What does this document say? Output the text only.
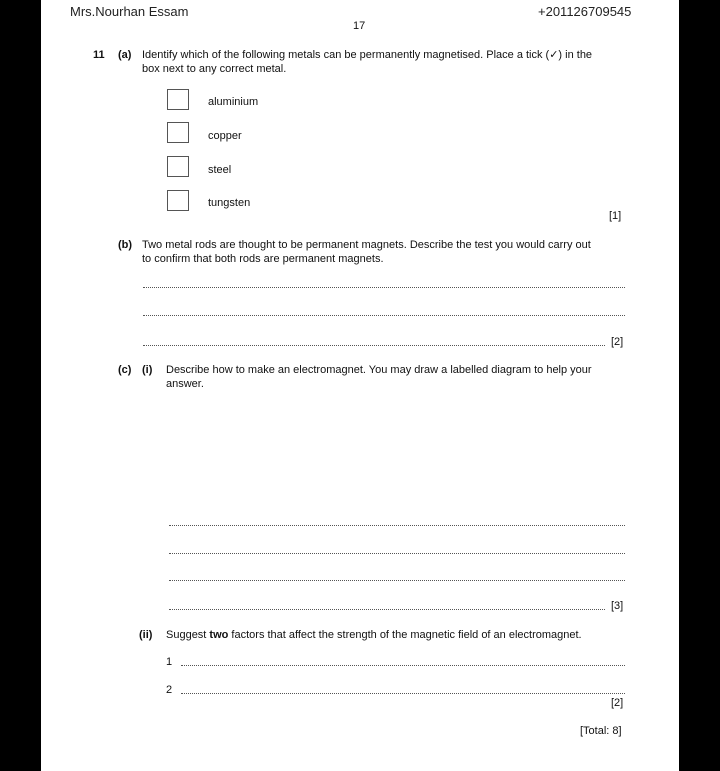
Mrs.Nourhan Essam	+201126709545
17
11 (a) Identify which of the following metals can be permanently magnetised. Place a tick (✓) in the
box next to any correct metal.
aluminium
copper
steel
tungsten
[1]
(b) Two metal rods are thought to be permanent magnets. Describe the test you would carry out
to confirm that both rods are permanent magnets.
[2]
(c) (i) Describe how to make an electromagnet. You may draw a labelled diagram to help your
answer.
[3]
(ii) Suggest two factors that affect the strength of the magnetic field of an electromagnet.
1
2
[2]
[Total: 8]
